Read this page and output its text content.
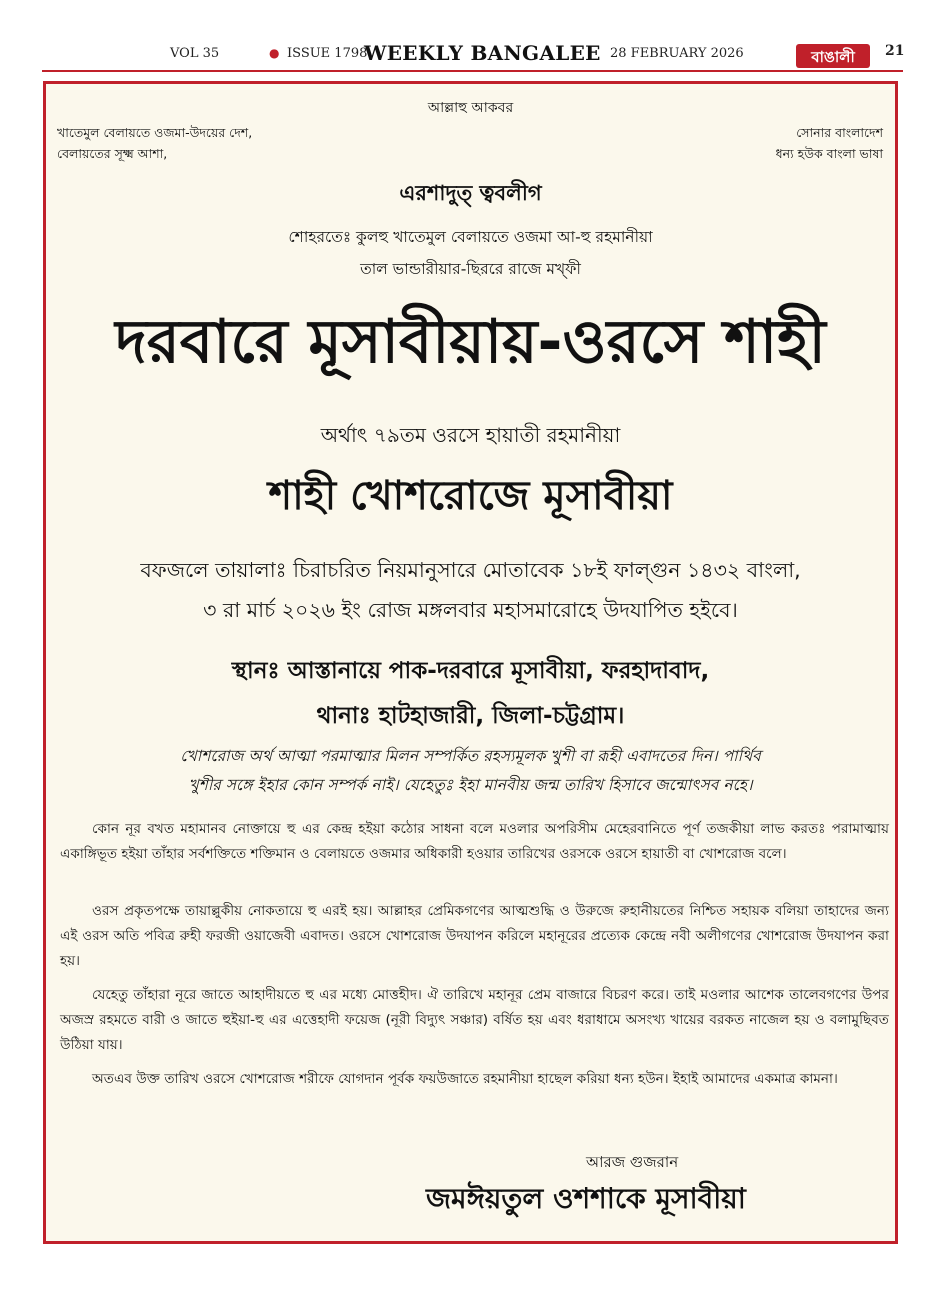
VOL 35	● ISSUE 1798
WEEKLY BANGALEE 28 FEBRUARY 2026	বাঙালী 21
আল্লাহু আকবর
খাতেমুল বেলায়তে ওজমা-উদয়ের দেশ,
বেলায়তের সূক্ষ্ম আশা,
সোনার বাংলাদেশ
ধন্য হউক বাংলা ভাষা
এরশাদুত্ ত্ববলীগ
শোহরতেঃ কুলহু খাতেমুল বেলায়তে ওজমা আ-হু রহমানীয়া
তাল ভান্ডারীয়ার-ছিররে রাজে মখ্ফী
দরবারে মূসাবীয়ায়-ওরসে শাহী
অর্থাৎ ৭৯তম ওরসে হায়াতী রহমানীয়া
শাহী খোশরোজে মূসাবীয়া
বফজলে তায়ালাঃ চিরাচরিত নিয়মানুসারে মোতাবেক ১৮ই ফাল্গুন ১৪৩২ বাংলা,
৩ রা মার্চ ২০২৬ ইং রোজ মঙ্গলবার মহাসমারোহে উদযাপিত হইবে।
স্থানঃ আস্তানায়ে পাক-দরবারে মূসাবীয়া, ফরহাদাবাদ,
থানাঃ হাটহাজারী, জিলা-চট্টগ্রাম।
খোশরোজ অর্থ আত্মা পরমাত্মার মিলন সম্পর্কিত রহস্যমূলক খুশী বা রূহী এবাদতের দিন। পার্থিব
খুশীর সঙ্গে ইহার কোন সম্পর্ক নাই। যেহেতুঃ ইহা মানবীয় জন্ম তারিখ হিসাবে জন্মোৎসব নহে।

কোন নূর বখত মহামানব নোক্তায়ে হু এর কেন্দ্র হইয়া কঠোর সাধনা বলে মওলার অপরিসীম মেহেরবানিতে পূর্ণ তজকীয়া লাভ করতঃ পরামাত্মায় একাঙ্গিভূত হইয়া তাঁহার সর্বশক্তিতে শক্তিমান ও বেলায়তে ওজমার অধিকারী হওয়ার তারিখের ওরসকে ওরসে হায়াতী বা খোশরোজ বলে।

ওরস প্রকৃতপক্ষে তায়াল্লুকীয় নোকতায়ে হু এরই হয়। আল্লাহর প্রেমিকগণের আত্মশুদ্ধি ও উরুজে রুহানীয়তের নিশ্চিত সহায়ক বলিয়া তাহাদের জন্য এই ওরস অতি পবিত্র রুহী ফরজী ওয়াজেবী এবাদত। ওরসে খোশরোজ উদযাপন করিলে মহানূরের প্রত্যেক কেন্দ্রে নবী অলীগণের খোশরোজ উদযাপন করা হয়।

যেহেতু তাঁহারা নূরে জাতে আহাদীয়তে হু এর মধ্যে মোত্তহীদ। ঐ তারিখে মহানূর প্রেম বাজারে বিচরণ করে। তাই মওলার আশেক তালেবগণের উপর অজস্র রহমতে বারী ও জাতে হুইয়া-হু এর এত্তেহাদী ফয়েজ (নূরী বিদ্যুৎ সঞ্চার) বর্ষিত হয় এবং ধরাধামে অসংখ্য খায়ের বরকত নাজেল হয় ও বলামুছিবত উঠিয়া যায়।

অতএব উক্ত তারিখ ওরসে খোশরোজ শরীফে যোগদান পূর্বক ফয়উজাতে রহমানীয়া হাছেল করিয়া ধন্য হউন। ইহাই আমাদের একমাত্র কামনা।

আরজ গুজরান
জমঈয়তুল ওশশাকে মূসাবীয়া
